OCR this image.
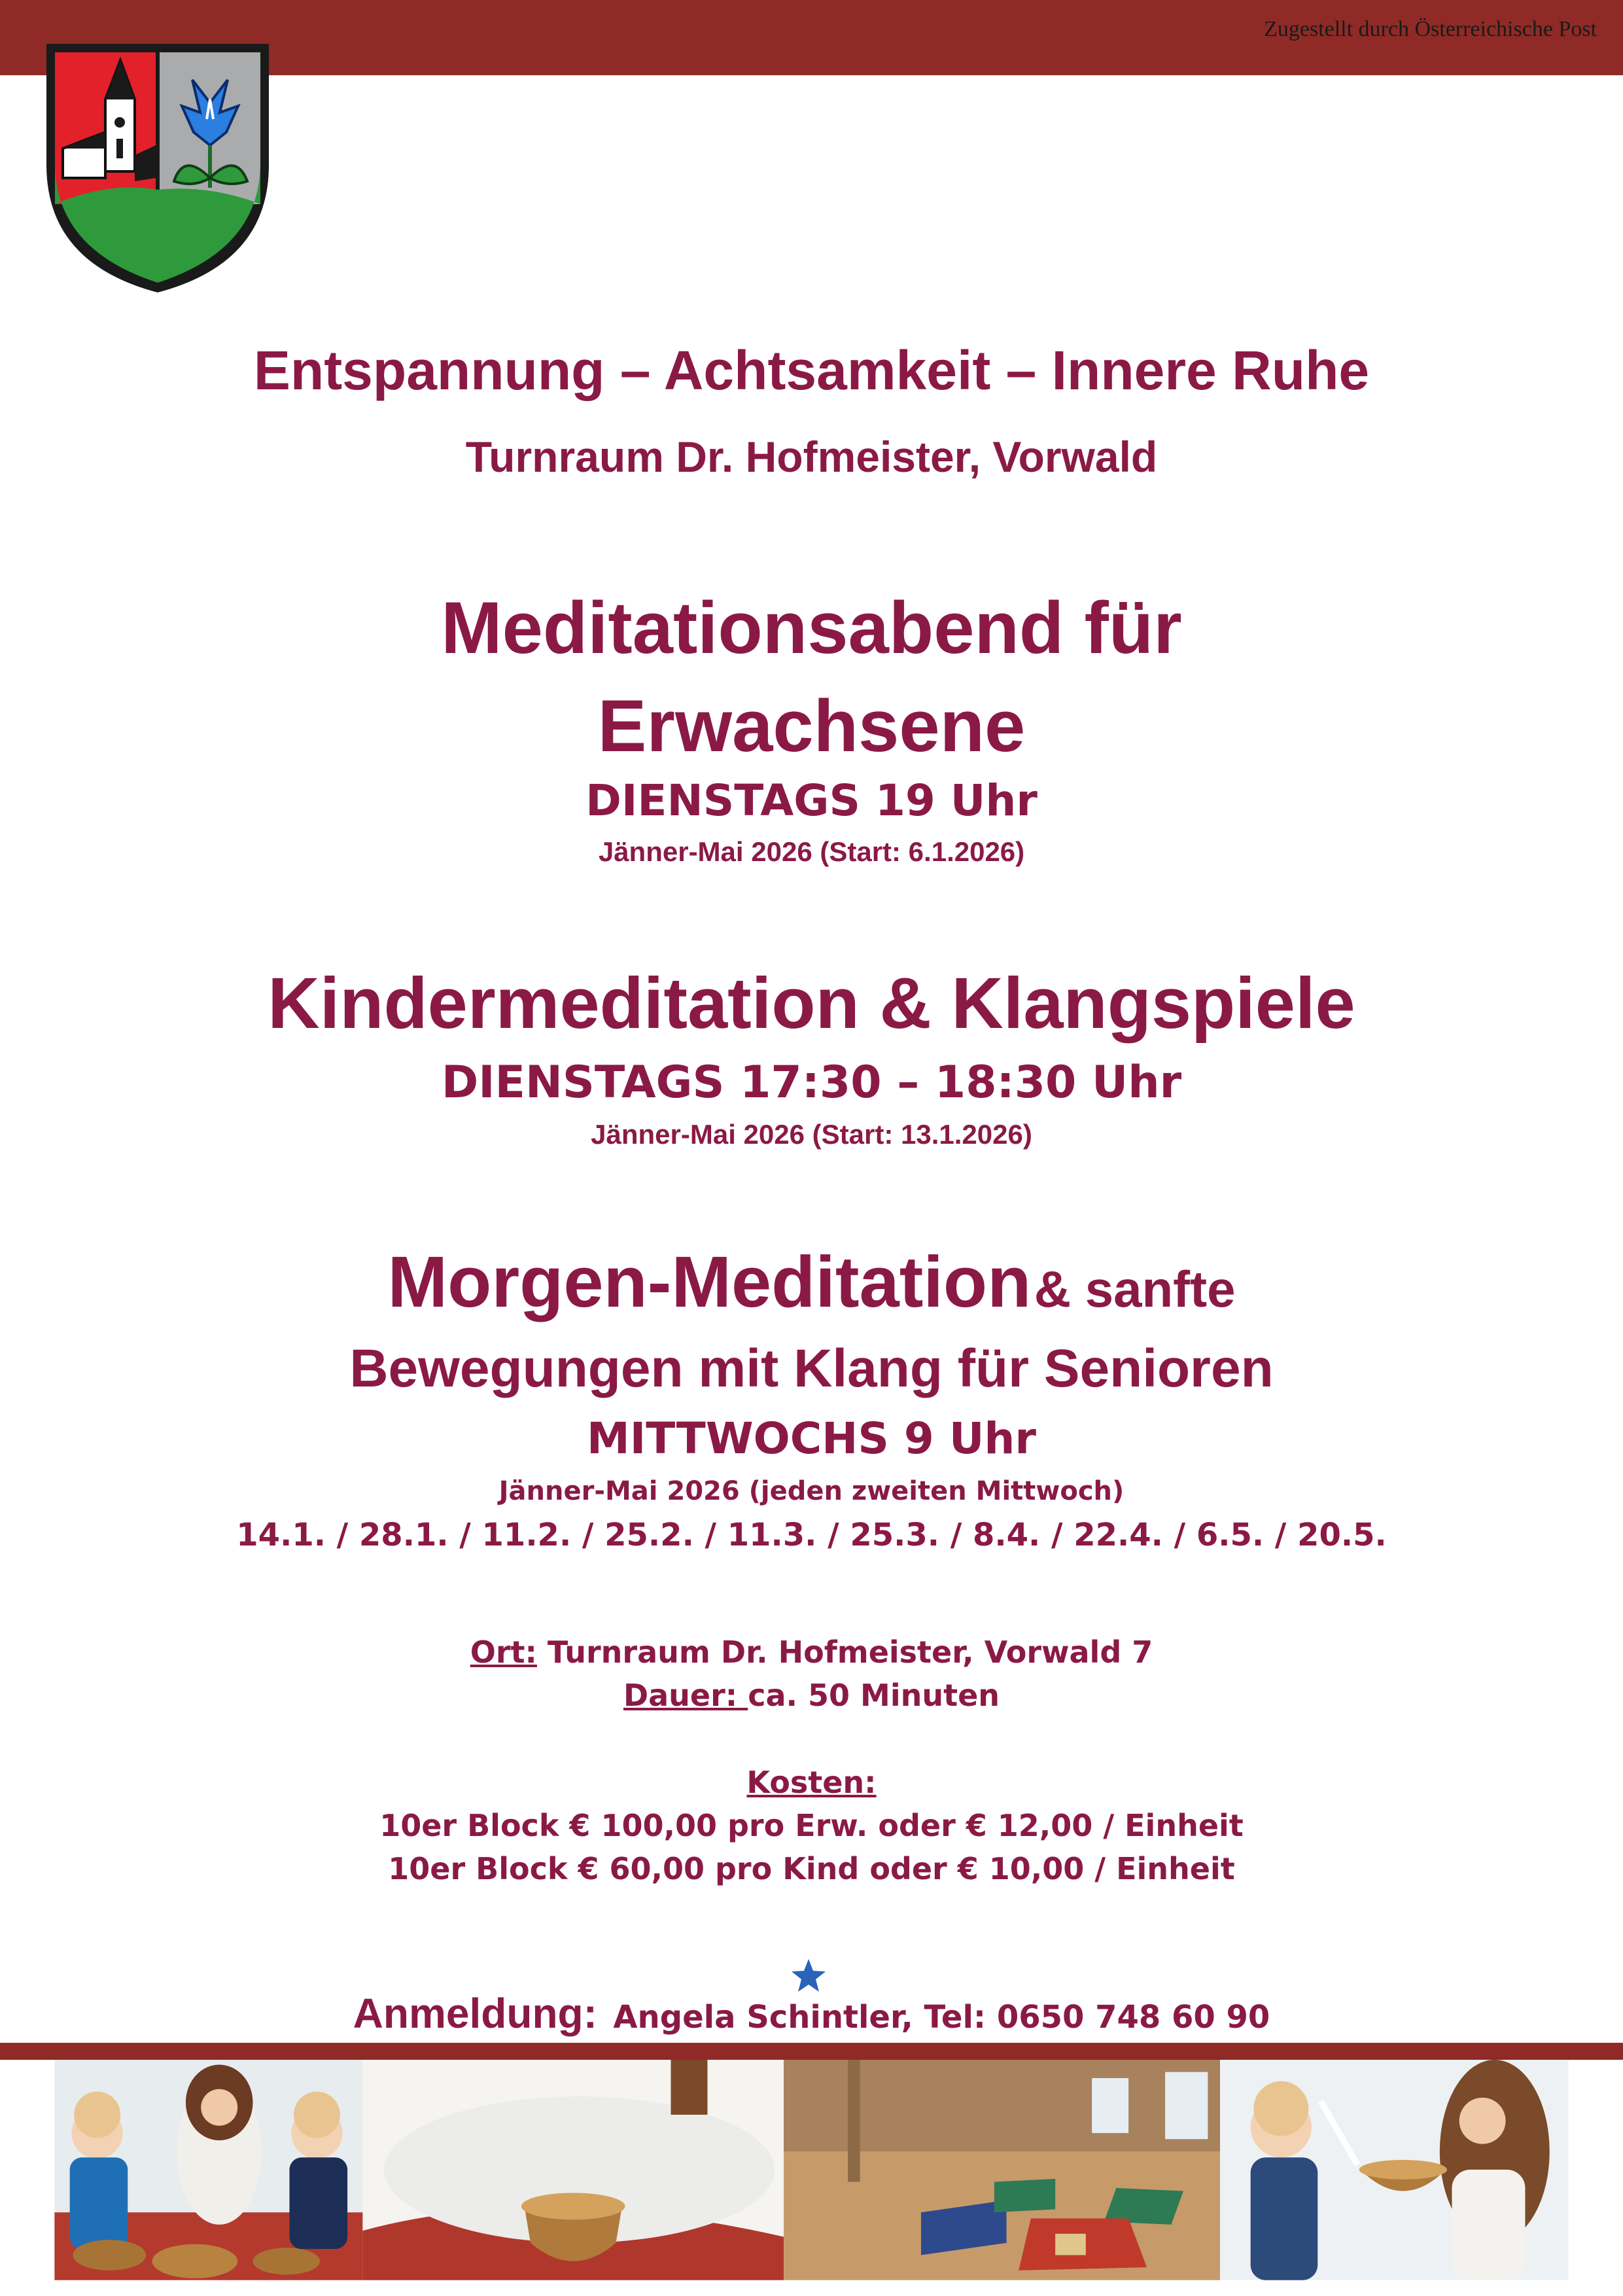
Zugestellt durch Österreichische Post
Entspannung – Achtsamkeit – Innere Ruhe
Turnraum Dr. Hofmeister, Vorwald
Meditationsabend für
Erwachsene
DIENSTAGS 19 Uhr
Jänner-Mai 2026 (Start: 6.1.2026)
Kindermeditation & Klangspiele
DIENSTAGS 17:30 – 18:30 Uhr
Jänner-Mai 2026 (Start: 13.1.2026)
Morgen-Meditation & sanfte
Bewegungen mit Klang für Senioren
MITTWOCHS 9 Uhr
Jänner-Mai 2026 (jeden zweiten Mittwoch)
14.1. / 28.1. / 11.2. / 25.2. / 11.3. / 25.3. / 8.4. / 22.4. / 6.5. / 20.5.
Ort: Turnraum Dr. Hofmeister, Vorwald 7
Dauer: ca. 50 Minuten
Kosten:
10er Block € 100,00 pro Erw. oder € 12,00 / Einheit
10er Block € 60,00 pro Kind oder € 10,00 / Einheit
Anmeldung: Angela Schintler, Tel: 0650 748 60 90
